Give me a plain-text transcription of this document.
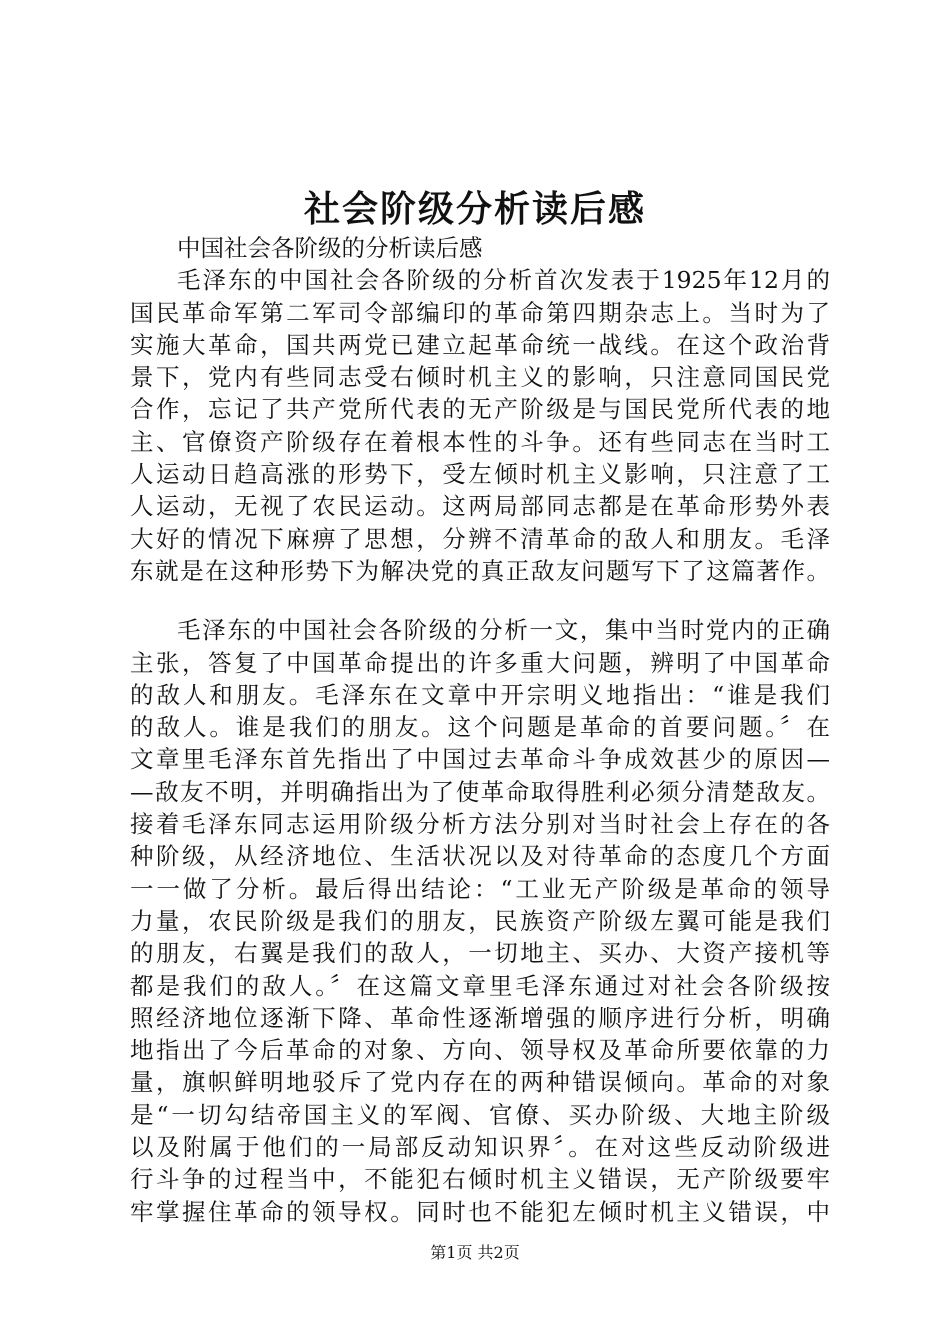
社会阶级分析读后感
中国社会各阶级的分析读后感
毛泽东的中国社会各阶级的分析首次发表于1925年12月的
国民革命军第二军司令部编印的革命第四期杂志上。当时为了
实施大革命，国共两党已建立起革命统一战线。在这个政治背
景下，党内有些同志受右倾时机主义的影响，只注意同国民党
合作，忘记了共产党所代表的无产阶级是与国民党所代表的地
主、官僚资产阶级存在着根本性的斗争。还有些同志在当时工
人运动日趋高涨的形势下，受左倾时机主义影响，只注意了工
人运动，无视了农民运动。这两局部同志都是在革命形势外表
大好的情况下麻痹了思想，分辨不清革命的敌人和朋友。毛泽
东就是在这种形势下为解决党的真正敌友问题写下了这篇著作。
毛泽东的中国社会各阶级的分析一文，集中当时党内的正确
主张，答复了中国革命提出的许多重大问题，辨明了中国革命
的敌人和朋友。毛泽东在文章中开宗明义地指出：“谁是我们
的敌人。谁是我们的朋友。这个问题是革命的首要问题。〞在
文章里毛泽东首先指出了中国过去革命斗争成效甚少的原因—
—敌友不明，并明确指出为了使革命取得胜利必须分清楚敌友。
接着毛泽东同志运用阶级分析方法分别对当时社会上存在的各
种阶级，从经济地位、生活状况以及对待革命的态度几个方面
一一做了分析。最后得出结论：“工业无产阶级是革命的领导
力量，农民阶级是我们的朋友，民族资产阶级左翼可能是我们
的朋友，右翼是我们的敌人，一切地主、买办、大资产接机等
都是我们的敌人。〞在这篇文章里毛泽东通过对社会各阶级按
照经济地位逐渐下降、革命性逐渐增强的顺序进行分析，明确
地指出了今后革命的对象、方向、领导权及革命所要依靠的力
量，旗帜鲜明地驳斥了党内存在的两种错误倾向。革命的对象
是“一切勾结帝国主义的军阀、官僚、买办阶级、大地主阶级
以及附属于他们的一局部反动知识界〞。在对这些反动阶级进
行斗争的过程当中，不能犯右倾时机主义错误，无产阶级要牢
牢掌握住革命的领导权。同时也不能犯左倾时机主义错误，中
第1页 共2页
